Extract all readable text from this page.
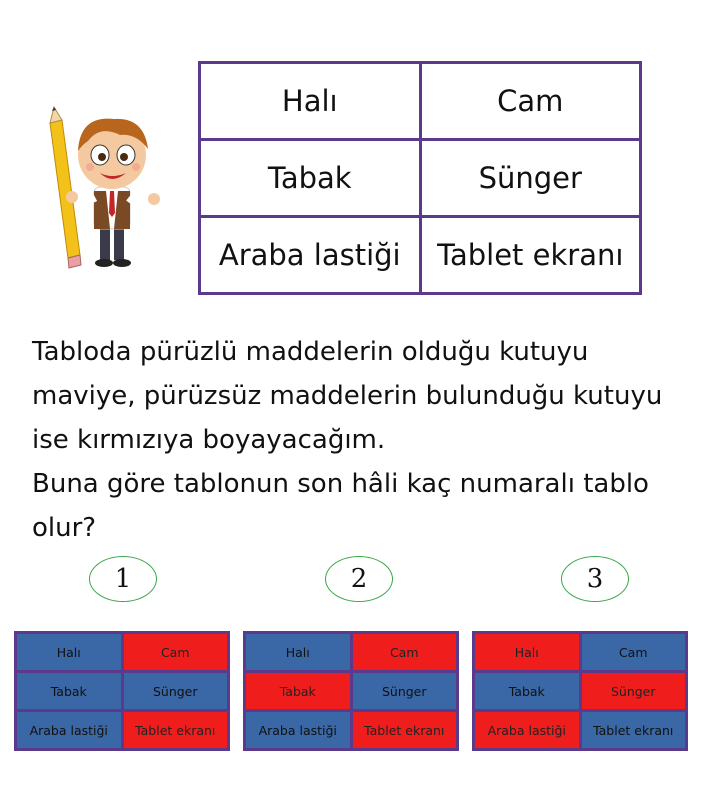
Halı	Cam
Tabak	Sünger
Araba lastiği	Tablet ekranı
Tabloda pürüzlü maddelerin olduğu kutuyu
maviye, pürüzsüz maddelerin bulunduğu kutuyu
ise kırmızıya boyayacağım.
Buna göre tablonun son hâli kaç numaralı tablo
olur?
1	2	3
Halı	Cam
Tabak	Sünger
Araba lastiği	Tablet ekranı
Halı	Cam
Tabak	Sünger
Araba lastiği	Tablet ekranı
Halı	Cam
Tabak	Sünger
Araba lastiği	Tablet ekranı
